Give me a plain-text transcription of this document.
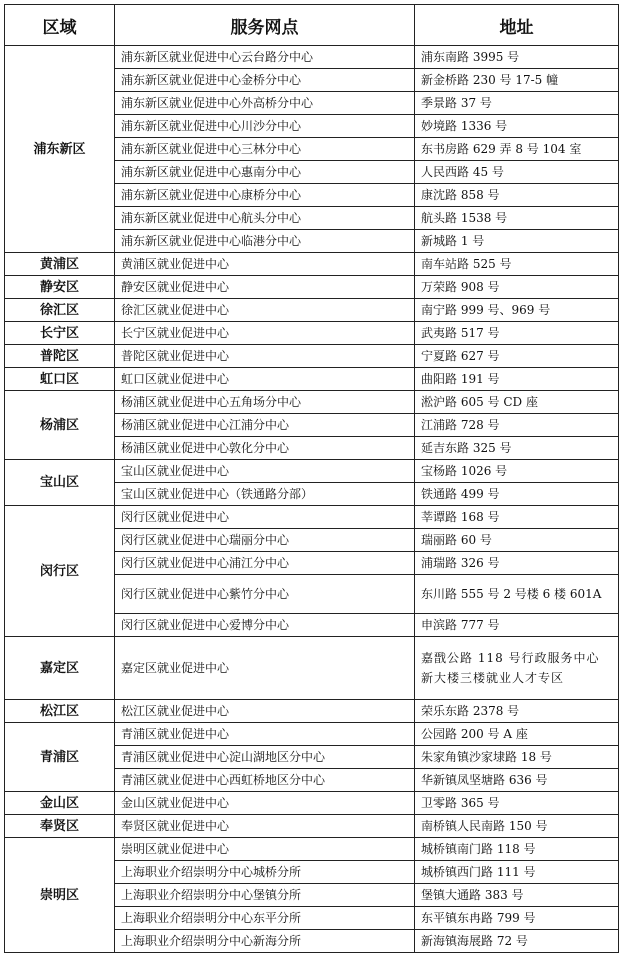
区域	服务网点	地址
浦东新区	浦东新区就业促进中心云台路分中心	浦东南路 3995 号
	浦东新区就业促进中心金桥分中心	新金桥路 230 号 17-5 幢
	浦东新区就业促进中心外高桥分中心	季景路 37 号
	浦东新区就业促进中心川沙分中心	妙境路 1336 号
	浦东新区就业促进中心三林分中心	东书房路 629 弄 8 号 104 室
	浦东新区就业促进中心惠南分中心	人民西路 45 号
	浦东新区就业促进中心康桥分中心	康沈路 858 号
	浦东新区就业促进中心航头分中心	航头路 1538 号
	浦东新区就业促进中心临港分中心	新城路 1 号
黄浦区	黄浦区就业促进中心	南车站路 525 号
静安区	静安区就业促进中心	万荣路 908 号
徐汇区	徐汇区就业促进中心	南宁路 999 号、969 号
长宁区	长宁区就业促进中心	武夷路 517 号
普陀区	普陀区就业促进中心	宁夏路 627 号
虹口区	虹口区就业促进中心	曲阳路 191 号
杨浦区	杨浦区就业促进中心五角场分中心	淞沪路 605 号 CD 座
	杨浦区就业促进中心江浦分中心	江浦路 728 号
	杨浦区就业促进中心敦化分中心	延吉东路 325 号
宝山区	宝山区就业促进中心	宝杨路 1026 号
	宝山区就业促进中心（铁通路分部）	铁通路 499 号
闵行区	闵行区就业促进中心	莘谭路 168 号
	闵行区就业促进中心瑞丽分中心	瑞丽路 60 号
	闵行区就业促进中心浦江分中心	浦瑞路 326 号
	闵行区就业促进中心紫竹分中心	东川路 555 号 2 号楼 6 楼 601A
	闵行区就业促进中心爱博分中心	申滨路 777 号
嘉定区	嘉定区就业促进中心	嘉戬公路 118 号行政服务中心新大楼三楼就业人才专区
松江区	松江区就业促进中心	荣乐东路 2378 号
青浦区	青浦区就业促进中心	公园路 200 号 A 座
	青浦区就业促进中心淀山湖地区分中心	朱家角镇沙家埭路 18 号
	青浦区就业促进中心西虹桥地区分中心	华新镇凤坚塘路 636 号
金山区	金山区就业促进中心	卫零路 365 号
奉贤区	奉贤区就业促进中心	南桥镇人民南路 150 号
崇明区	崇明区就业促进中心	城桥镇南门路 118 号
	上海职业介绍崇明分中心城桥分所	城桥镇西门路 111 号
	上海职业介绍崇明分中心堡镇分所	堡镇大通路 383 号
	上海职业介绍崇明分中心东平分所	东平镇东冉路 799 号
	上海职业介绍崇明分中心新海分所	新海镇海展路 72 号
